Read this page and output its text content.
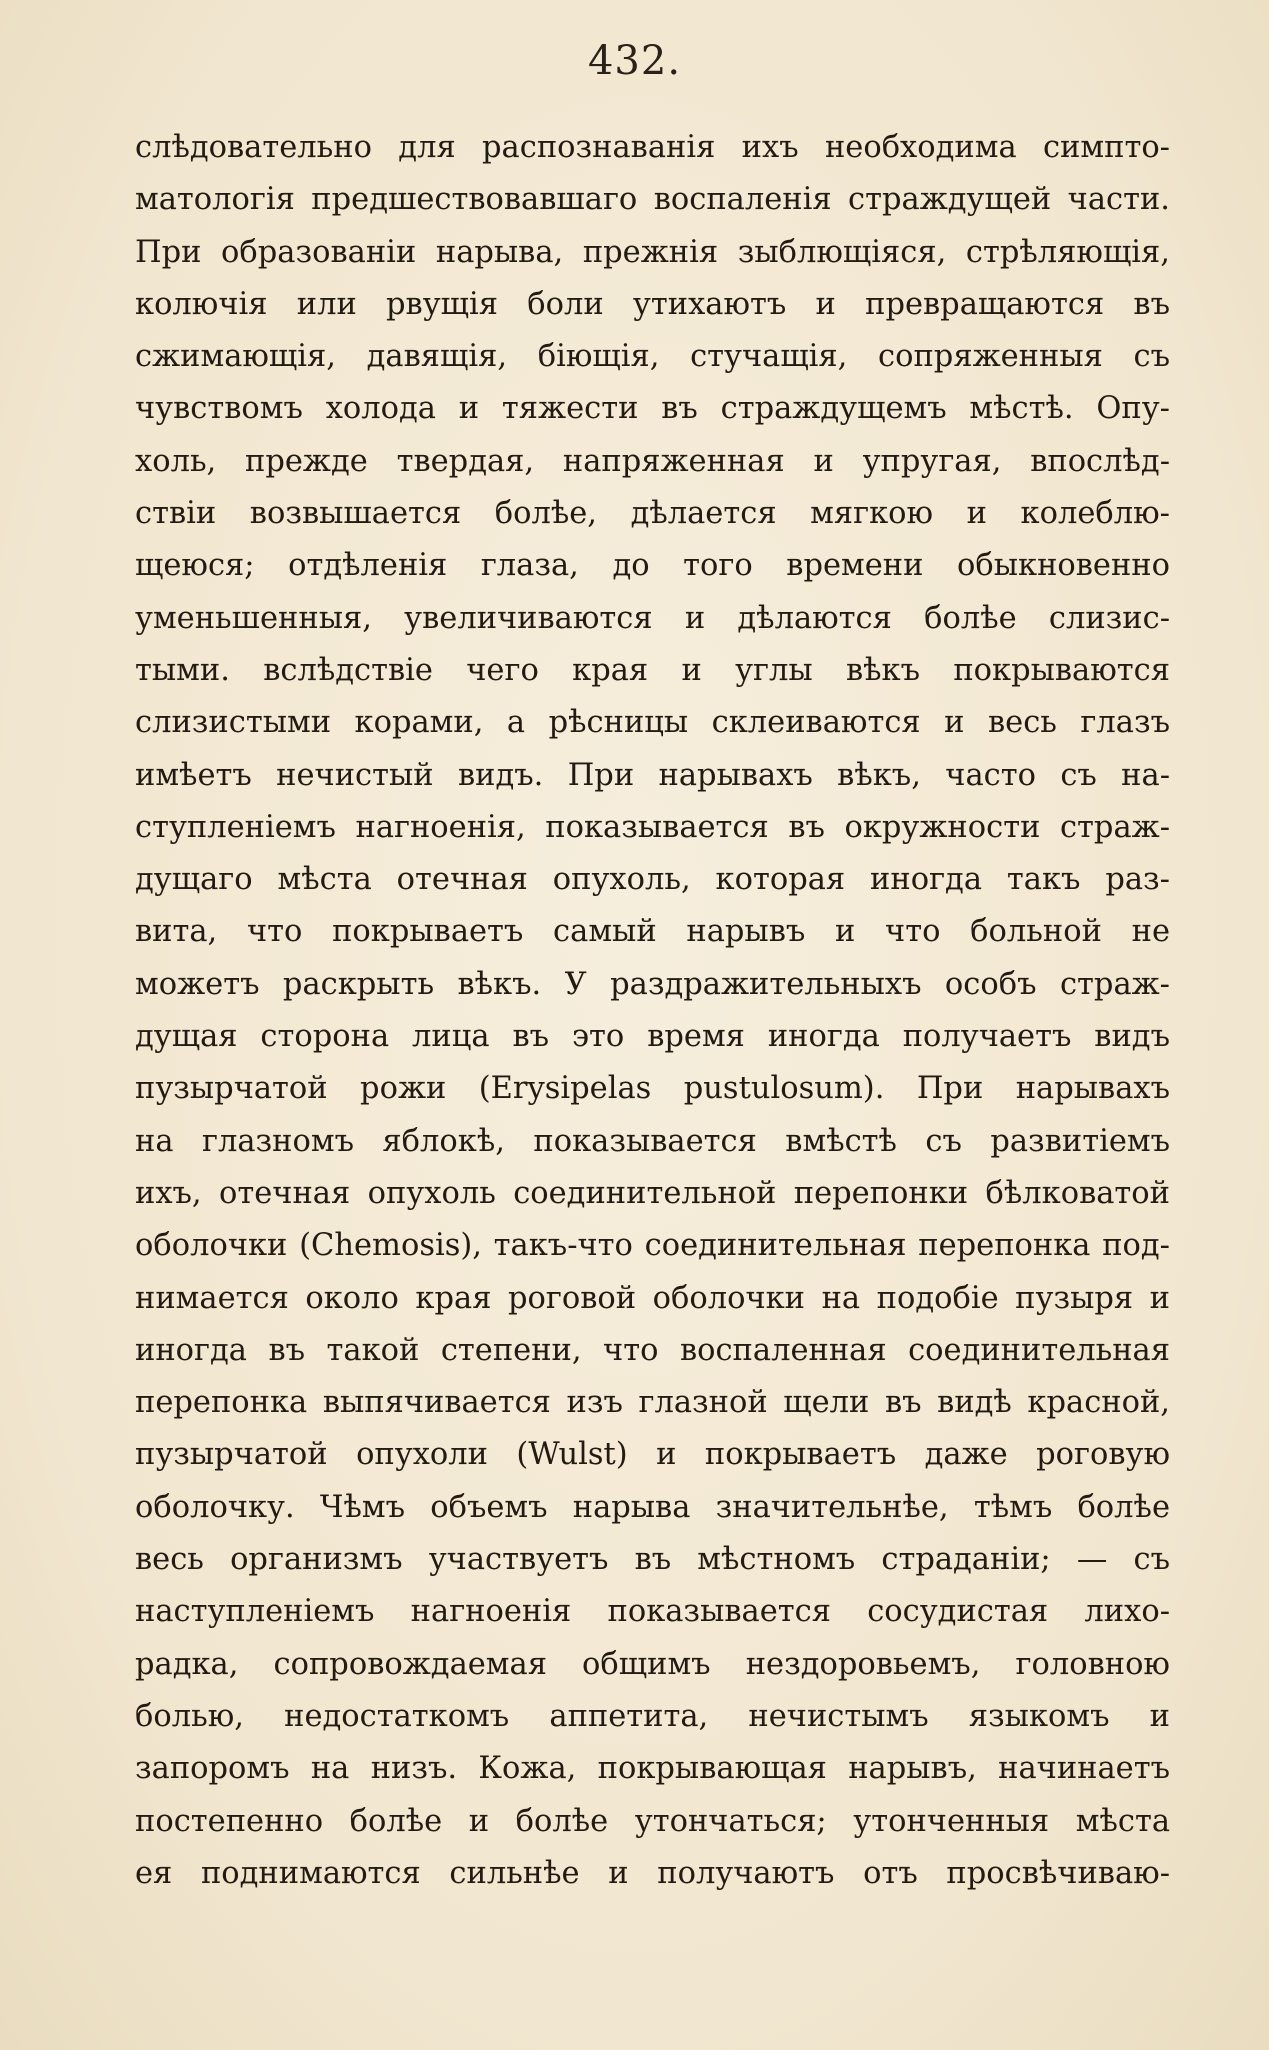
432.
слѣдовательно для распознаванія ихъ необходима симпто-
матологія предшествовавшаго воспаленія страждущей части.
При образованіи нарыва, прежнія зыблющіяся, стрѣляющія,
колючія или рвущія боли утихаютъ и превращаются въ
сжимающія, давящія, біющія, стучащія, сопряженныя съ
чувствомъ холода и тяжести въ страждущемъ мѣстѣ. Опу-
холь, прежде твердая, напряженная и упругая, впослѣд-
ствіи возвышается болѣе, дѣлается мягкою и колеблю-
щеюся; отдѣленія глаза, до того времени обыкновенно
уменьшенныя, увеличиваются и дѣлаются болѣе слизис-
тыми. вслѣдствіе чего края и углы вѣкъ покрываются
слизистыми корами, а рѣсницы склеиваются и весь глазъ
имѣетъ нечистый видъ. При нарывахъ вѣкъ, часто съ на-
ступленіемъ нагноенія, показывается въ окружности страж-
дущаго мѣста отечная опухоль, которая иногда такъ раз-
вита, что покрываетъ самый нарывъ и что больной не
можетъ раскрыть вѣкъ. У раздражительныхъ особъ страж-
дущая сторона лица въ это время иногда получаетъ видъ
пузырчатой рожи (Erysipelas pustulosum). При нарывахъ
на глазномъ яблокѣ, показывается вмѣстѣ съ развитіемъ
ихъ, отечная опухоль соединительной перепонки бѣлковатой
оболочки (Chemosis), такъ-что соединительная перепонка под-
нимается около края роговой оболочки на подобіе пузыря и
иногда въ такой степени, что воспаленная соединительная
перепонка выпячивается изъ глазной щели въ видѣ красной,
пузырчатой опухоли (Wulst) и покрываетъ даже роговую
оболочку. Чѣмъ объемъ нарыва значительнѣе, тѣмъ болѣе
весь организмъ участвуетъ въ мѣстномъ страданіи; — съ
наступленіемъ нагноенія показывается сосудистая лихо-
радка, сопровождаемая общимъ нездоровьемъ, головною
болью, недостаткомъ аппетита, нечистымъ языкомъ и
запоромъ на низъ. Кожа, покрывающая нарывъ, начинаетъ
постепенно болѣе и болѣе утончаться; утонченныя мѣста
ея поднимаются сильнѣе и получаютъ отъ просвѣчиваю-
